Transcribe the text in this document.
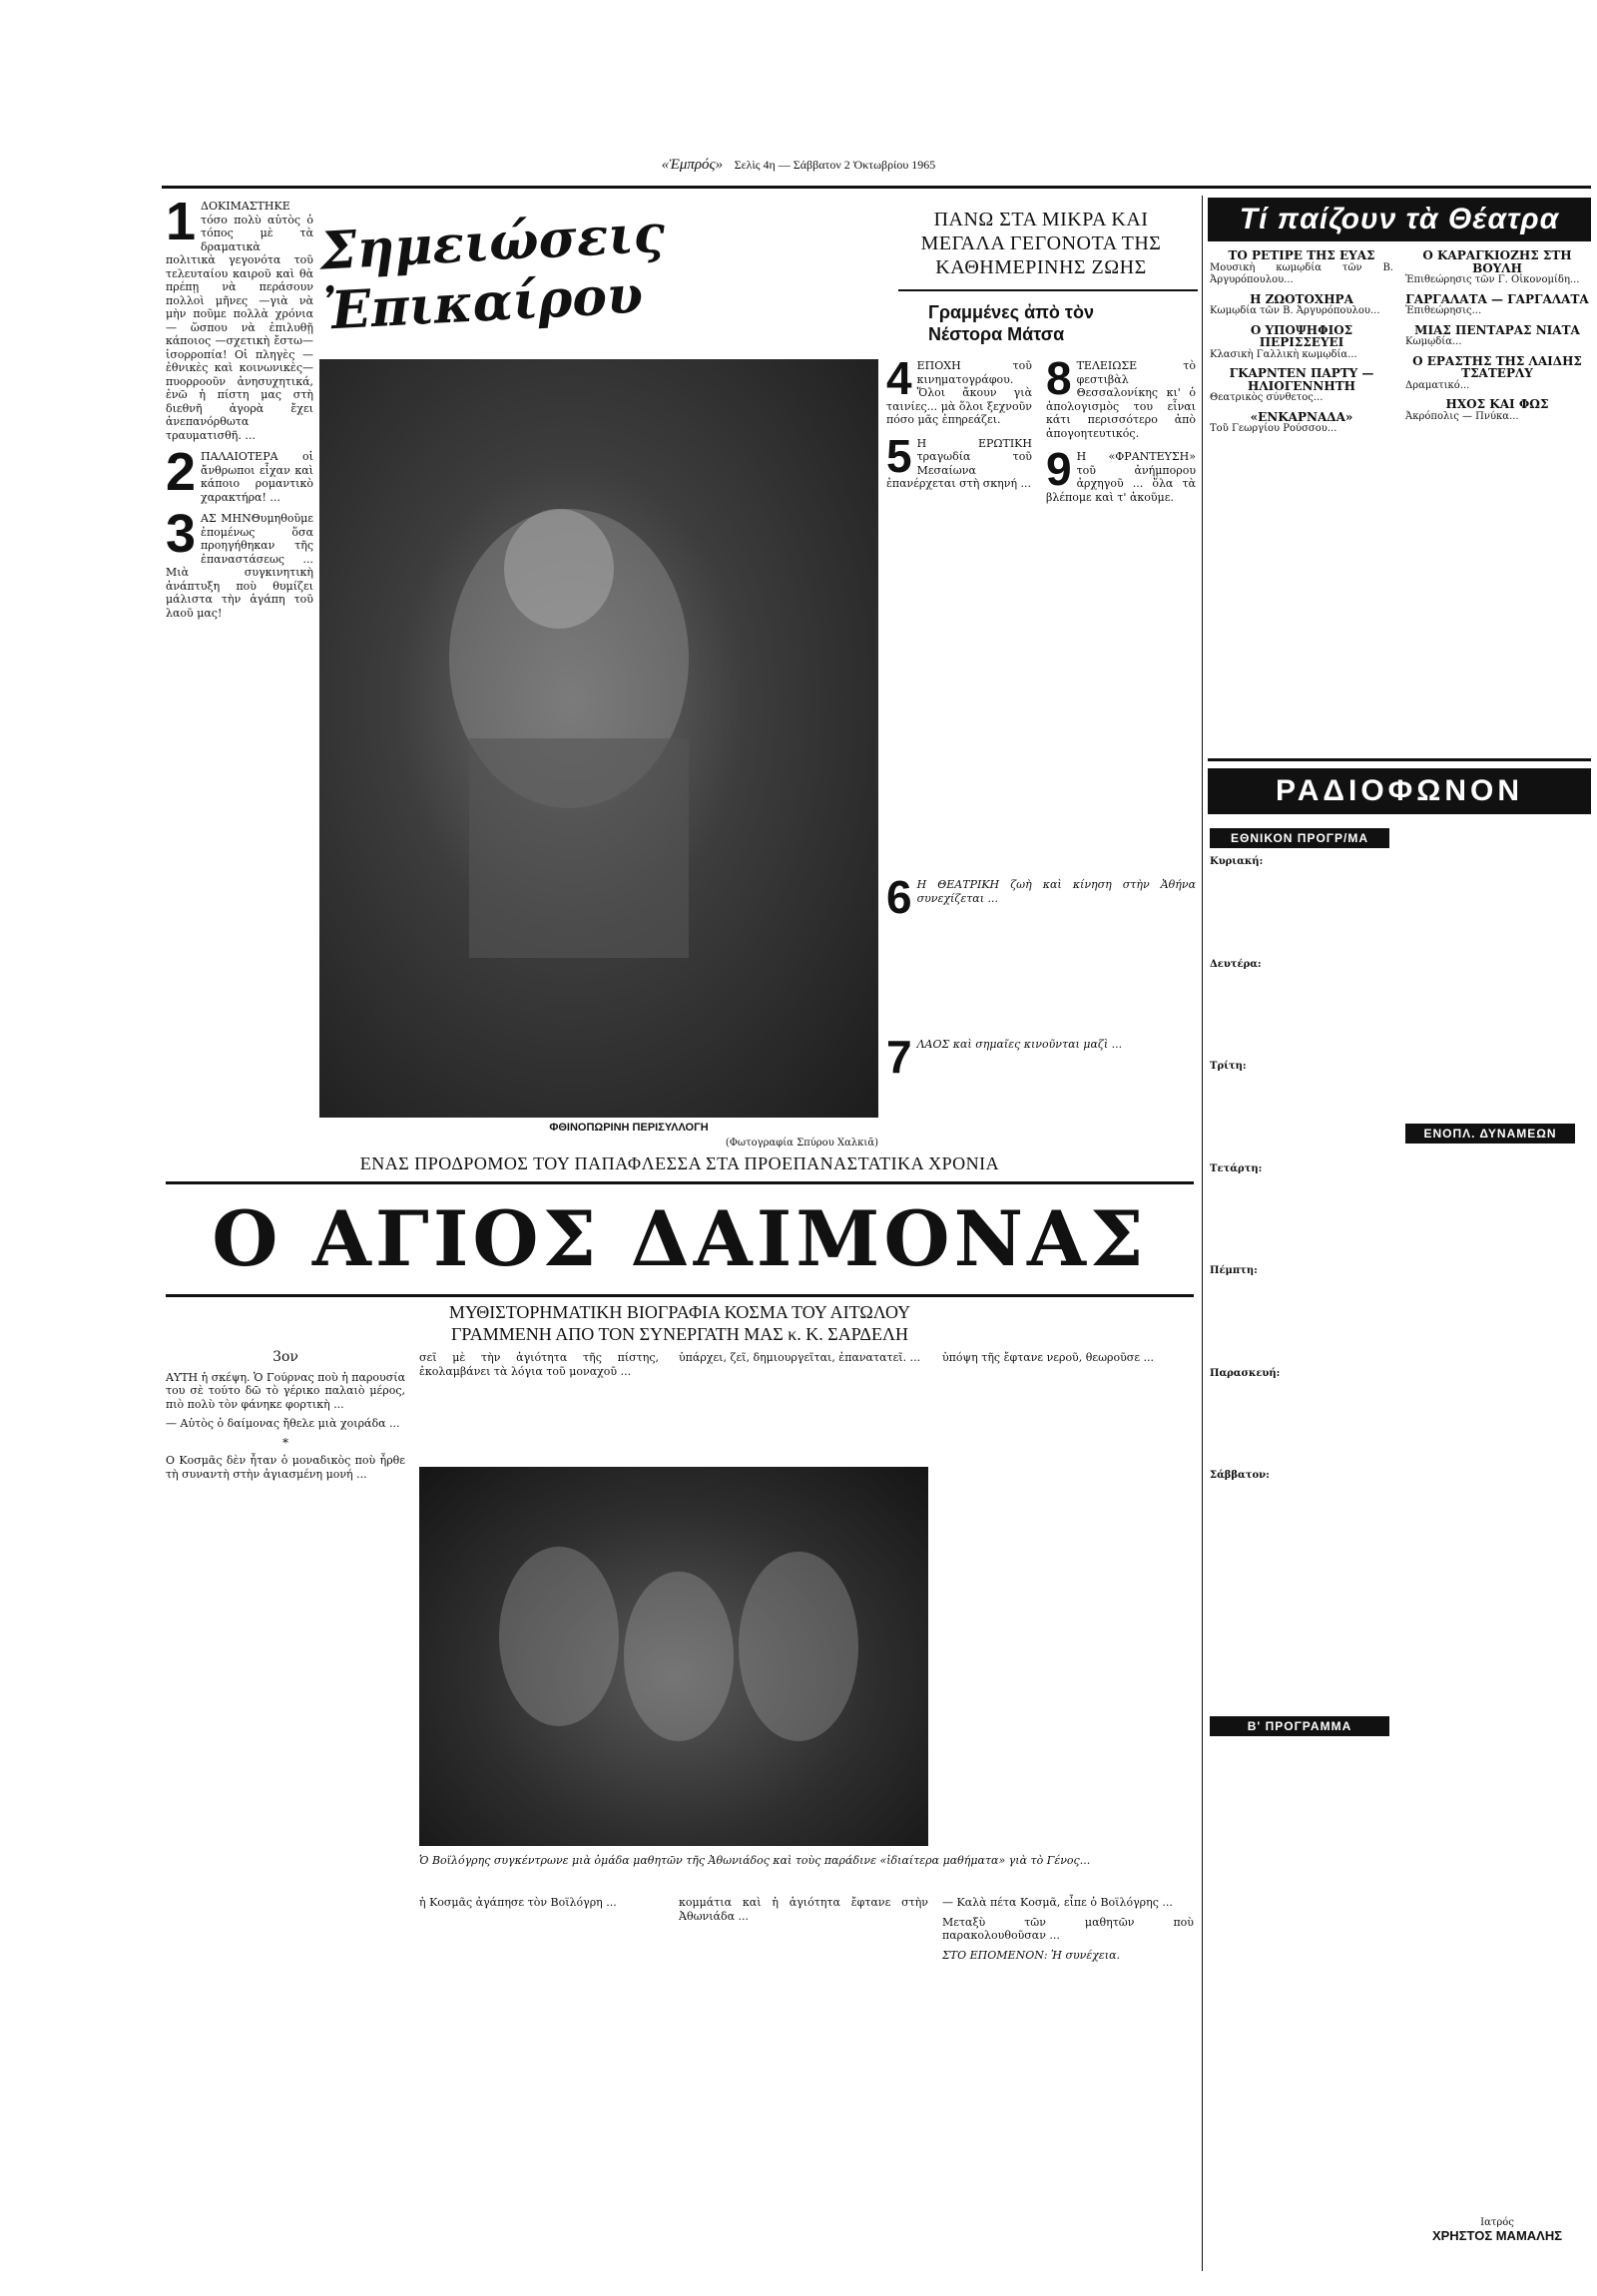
«Ἐμπρός» Σελὶς 4η — Σάββατον 2 Ὀκτωβρίου 1965
1 ΔΟΚΙΜΑΣΤΗΚΕ τόσο πολὺ αὐτὸς ὁ τόπος μὲ τὰ δραματικὰ πολιτικὰ γεγονότα τοῦ τελευταίου καιροῦ καὶ θὰ πρέπῃ νὰ περάσουν πολλοὶ μῆνες —γιὰ νὰ μὴν ποῦμε πολλὰ χρόνια— ὥσπου νὰ ἐπιλυθῇ κάποιος —σχετικὴ ἔστω— ἰσορροπία! Οἱ πληγὲς —ἐθνικὲς καὶ κοινωνικὲς— πυορροοῦν ἀνησυχητικά, ἐνῶ ἡ πίστη μας στὴ διεθνῆ ἀγορὰ ἔχει ἀνεπανόρθωτα τραυματισθῆ. ...
2 ΠΑΛΑΙΟΤΕΡΑ οἱ ἄνθρωποι εἶχαν καὶ κάποιο ρομαντικὸ χαρακτήρα! ...
3 ΑΣ ΜΗΝΘυμηθοῦμε ἑπομένως ὅσα προηγήθηκαν τῆς ἐπαναστάσεως ... Μιὰ συγκινητικὴ ἀνάπτυξη ποὺ θυμίζει μάλιστα τὴν ἀγάπη τοῦ λαοῦ μας!
Σημειώσεις Ἐπικαίρου
ΦΘΙΝΟΠΩΡΙΝΗ ΠΕΡΙΣΥΛΛΟΓΗ
(Φωτογραφία Σπύρου Χαλκιᾶ)
ΠΑΝΩ ΣΤΑ ΜΙΚΡΑ ΚΑΙ
ΜΕΓΑΛΑ ΓΕΓΟΝΟΤΑ ΤΗΣ
ΚΑΘΗΜΕΡΙΝΗΣ ΖΩΗΣ
Γραμμένες ἀπὸ τὸν
Νέστορα Μάτσα
4 ΕΠΟΧΗ τοῦ κινηματογράφου. Ὅλοι ἄκουν γιὰ ταινίες... μὰ ὅλοι ξεχνοῦν πόσο μᾶς ἐπηρεάζει.
5 Η ΕΡΩΤΙΚΗ τραγωδία τοῦ Μεσαίωνα ἐπανέρχεται στὴ σκηνή ...
8 ΤΕΛΕΙΩΣΕ τὸ φεστιβὰλ Θεσσαλονίκης κι' ὁ ἀπολογισμὸς του εἶναι κάτι περισσότερο ἀπὸ ἀπογοητευτικός.
9 Η «ΦΡΑΝΤΕΥΣΗ» τοῦ ἀνήμπορου ἀρχηγοῦ ... ὅλα τὰ βλέπομε καὶ τ' ἀκοῦμε.
6 Η ΘΕΑΤΡΙΚΗ ζωὴ καὶ κίνηση στὴν Ἀθήνα συνεχίζεται ...
7 ΛΑΟΣ καὶ σημαῖες κινοῦνται μαζὶ ...
ΕΝΑΣ ΠΡΟΔΡΟΜΟΣ ΤΟΥ ΠΑΠΑΦΛΕΣΣΑ ΣΤΑ ΠΡΟΕΠΑΝΑΣΤΑΤΙΚΑ ΧΡΟΝΙΑ
Ο ΑΓΙΟΣ ΔΑΙΜΟΝΑΣ
ΜΥΘΙΣΤΟΡΗΜΑΤΙΚΗ ΒΙΟΓΡΑΦΙΑ ΚΟΣΜΑ ΤΟΥ ΑΙΤΩΛΟΥ
ΓΡΑΜΜΕΝΗ ΑΠΟ ΤΟΝ ΣΥΝΕΡΓΑΤΗ ΜΑΣ κ. Κ. ΣΑΡΔΕΛΗ
3ον

ΑΥΤΗ ἡ σκέψη. Ὁ Γούρνας ποὺ ἡ παρουσία του σὲ τούτο δῶ τὸ γέρικο παλαιὸ μέρος, πιὸ πολὺ τὸν φάνηκε φορτικὴ ...

— Αὐτὸς ὁ δαίμονας ἤθελε μιὰ χοιράδα ...

*

Ο Κοσμᾶς δὲν ἦταν ὁ μοναδικὸς ποὺ ἦρθε τὴ συναντὴ στὴν ἁγιασμένη μονή ...

σεῖ μὲ τὴν ἁγιότητα τῆς πίστης, ἐκολαμβάνει τὰ λόγια τοῦ μοναχοῦ ...

ὑπάρχει, ζεῖ, δημιουργεῖται, ἐπανατατεῖ. ...	ὑπόψη τῆς ἔφτανε νεροῦ, θεωροῦσε ...

Ὁ Βοϊλόγρης συγκέντρωνε μιὰ ὁμάδα μαθητῶν τῆς Ἀθωνιάδος καὶ τοὺς παράδινε «ἰδιαίτερα μαθήματα» γιὰ τὸ Γένος...

ἡ Κοσμᾶς ἀγάπησε τὸν Βοϊλόγρη ...	κομμάτια καὶ ἡ ἁγιότητα ἔφτανε στὴν Ἀθωνιάδα ...

— Καλὰ πέτα Κοσμᾶ, εἶπε ὁ Βοϊλόγρης ...

Μεταξὺ τῶν μαθητῶν ποὺ παρακολουθοῦσαν ...

ΣΤΟ ΕΠΟΜΕΝΟΝ: Ἡ συνέχεια.
Τί παίζουν τὰ Θέατρα
ΤΟ ΡΕΤΙΡΕ ΤΗΣ ΕΥΑΣ
Μουσικὴ κωμῳδία τῶν Β. Ἀργυρόπουλου...
Η ΖΩΟΤΟΧΗΡΑ
Κωμῳδία τῶν Β. Ἀργυρόπουλου...
Ο ΥΠΟΨΗΦΙΟΣ ΠΕΡΙΣΣΕΥΕΙ
Κλασικὴ Γαλλικὴ κωμῳδία...
ΓΚΑΡΝΤΕΝ ΠΑΡΤΥ — ΗΛΙΟΓΕΝΝΗΤΗ
Θεατρικὸς σύνθετος...
«ΕΝΚΑΡΝΑΔΑ»
Τοῦ Γεωργίου Ρούσσου...
Ο ΚΑΡΑΓΚΙΟΖΗΣ ΣΤΗ ΒΟΥΛΗ
Ἐπιθεώρησις τῶν Γ. Οἰκονομίδη...
ΓΑΡΓΑΛΑΤΑ — ΓΑΡΓΑΛΑΤΑ
Ἐπιθεώρησις...
ΜΙΑΣ ΠΕΝΤΑΡΑΣ ΝΙΑΤΑ
Κωμῳδία...
Ο ΕΡΑΣΤΗΣ ΤΗΣ ΛΑΙΔΗΣ ΤΣΑΤΕΡΛΥ
Δραματικό...
ΗΧΟΣ ΚΑΙ ΦΩΣ
Ἀκρόπολις — Πνύκα...
ΡΑΔΙΟΦΩΝΟΝ
ΕΘΝΙΚΟΝ ΠΡΟΓΡ/ΜΑ
ΕΝΟΠΛ. ΔΥΝΑΜΕΩΝ
Β' ΠΡΟΓΡΑΜΜΑ
Κυριακή:
Δευτέρα:
Τρίτη:
Τετάρτη:
Πέμπτη:
Παρασκευή:
Σάββατον:
Ιατρός
ΧΡΗΣΤΟΣ ΜΑΜΑΛΗΣ
